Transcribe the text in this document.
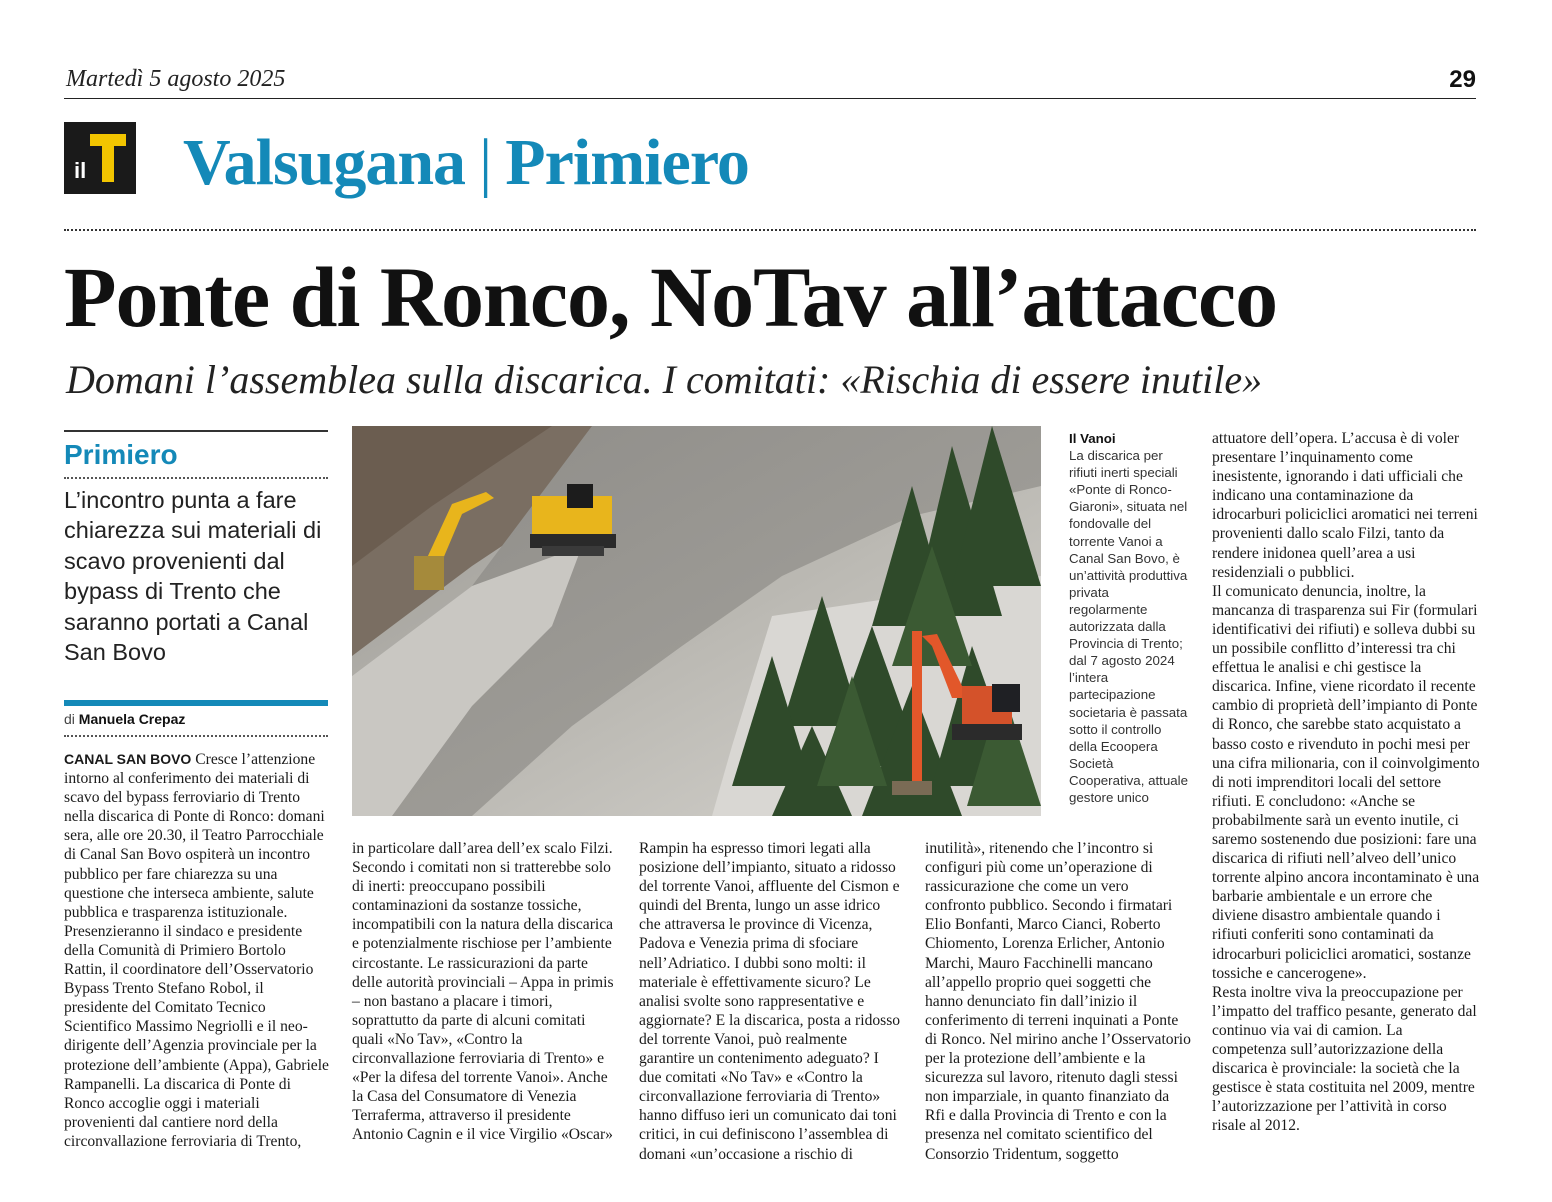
Martedì 5 agosto 2025	29
il Valsugana | Primiero
Ponte di Ronco, NoTav all’attacco
Domani l’assemblea sulla discarica. I comitati: «Rischia di essere inutile»
Primiero
L’incontro punta a fare chiarezza sui materiali di scavo provenienti dal bypass di Trento che saranno portati a Canal San Bovo
di Manuela Crepaz

CANAL SAN BOVO Cresce l’attenzione intorno al conferimento dei materiali di scavo del bypass ferroviario di Trento nella discarica di Ponte di Ronco: domani sera, alle ore 20.30, il Teatro Parrocchiale di Canal San Bovo ospiterà un incontro pubblico per fare chiarezza su una questione che interseca ambiente, salute pubblica e trasparenza istituzionale. Presenzieranno il sindaco e presidente della Comunità di Primiero Bortolo Rattin, il coordinatore dell’Osservatorio Bypass Trento Stefano Robol, il presidente del Comitato Tecnico Scientifico Massimo Negriolli e il neo-dirigente dell’Agenzia provinciale per la protezione dell’ambiente (Appa), Gabriele Rampanelli. La discarica di Ponte di Ronco accoglie oggi i materiali provenienti dal cantiere nord della circonvallazione ferroviaria di Trento,

Il Vanoi
La discarica per rifiuti inerti speciali «Ponte di Ronco-Giaroni», situata nel fondovalle del torrente Vanoi a Canal San Bovo, è un’attività produttiva privata regolarmente autorizzata dalla Provincia di Trento; dal 7 agosto 2024 l’intera partecipazione societaria è passata sotto il controllo della Ecoopera Società Cooperativa, attuale gestore unico

in particolare dall’area dell’ex scalo Filzi. Secondo i comitati non si tratterebbe solo di inerti: preoccupano possibili contaminazioni da sostanze tossiche, incompatibili con la natura della discarica e potenzialmente rischiose per l’ambiente circostante. Le rassicurazioni da parte delle autorità provinciali – Appa in primis – non bastano a placare i timori, soprattutto da parte di alcuni comitati quali «No Tav», «Contro la circonvallazione ferroviaria di Trento» e «Per la difesa del torrente Vanoi». Anche la Casa del Consumatore di Venezia Terraferma, attraverso il presidente Antonio Cagnin e il vice Virgilio «Oscar»

Rampin ha espresso timori legati alla posizione dell’impianto, situato a ridosso del torrente Vanoi, affluente del Cismon e quindi del Brenta, lungo un asse idrico che attraversa le province di Vicenza, Padova e Venezia prima di sfociare nell’Adriatico. I dubbi sono molti: il materiale è effettivamente sicuro? Le analisi svolte sono rappresentative e aggiornate? E la discarica, posta a ridosso del torrente Vanoi, può realmente garantire un contenimento adeguato? I due comitati «No Tav» e «Contro la circonvallazione ferroviaria di Trento» hanno diffuso ieri un comunicato dai toni critici, in cui definiscono l’assemblea di domani «un’occasione a rischio di

inutilità», ritenendo che l’incontro si configuri più come un’operazione di rassicurazione che come un vero confronto pubblico. Secondo i firmatari Elio Bonfanti, Marco Cianci, Roberto Chiomento, Lorenza Erlicher, Antonio Marchi, Mauro Facchinelli mancano all’appello proprio quei soggetti che hanno denunciato fin dall’inizio il conferimento di terreni inquinati a Ponte di Ronco. Nel mirino anche l’Osservatorio per la protezione dell’ambiente e la sicurezza sul lavoro, ritenuto dagli stessi non imparziale, in quanto finanziato da Rfi e dalla Provincia di Trento e con la presenza nel comitato scientifico del Consorzio Tridentum, soggetto

attuatore dell’opera. L’accusa è di voler presentare l’inquinamento come inesistente, ignorando i dati ufficiali che indicano una contaminazione da idrocarburi policiclici aromatici nei terreni provenienti dallo scalo Filzi, tanto da rendere inidonea quell’area a usi residenziali o pubblici.

Il comunicato denuncia, inoltre, la mancanza di trasparenza sui Fir (formulari identificativi dei rifiuti) e solleva dubbi su un possibile conflitto d’interessi tra chi effettua le analisi e chi gestisce la discarica. Infine, viene ricordato il recente cambio di proprietà dell’impianto di Ponte di Ronco, che sarebbe stato acquistato a basso costo e rivenduto in pochi mesi per una cifra milionaria, con il coinvolgimento di noti imprenditori locali del settore rifiuti. E concludono: «Anche se probabilmente sarà un evento inutile, ci saremo sostenendo due posizioni: fare una discarica di rifiuti nell’alveo dell’unico torrente alpino ancora incontaminato è una barbarie ambientale e un errore che diviene disastro ambientale quando i rifiuti conferiti sono contaminati da idrocarburi policiclici aromatici, sostanze tossiche e cancerogene».

Resta inoltre viva la preoccupazione per l’impatto del traffico pesante, generato dal continuo via vai di camion. La competenza sull’autorizzazione della discarica è provinciale: la società che la gestisce è stata costituita nel 2009, mentre l’autorizzazione per l’attività in corso risale al 2012.
